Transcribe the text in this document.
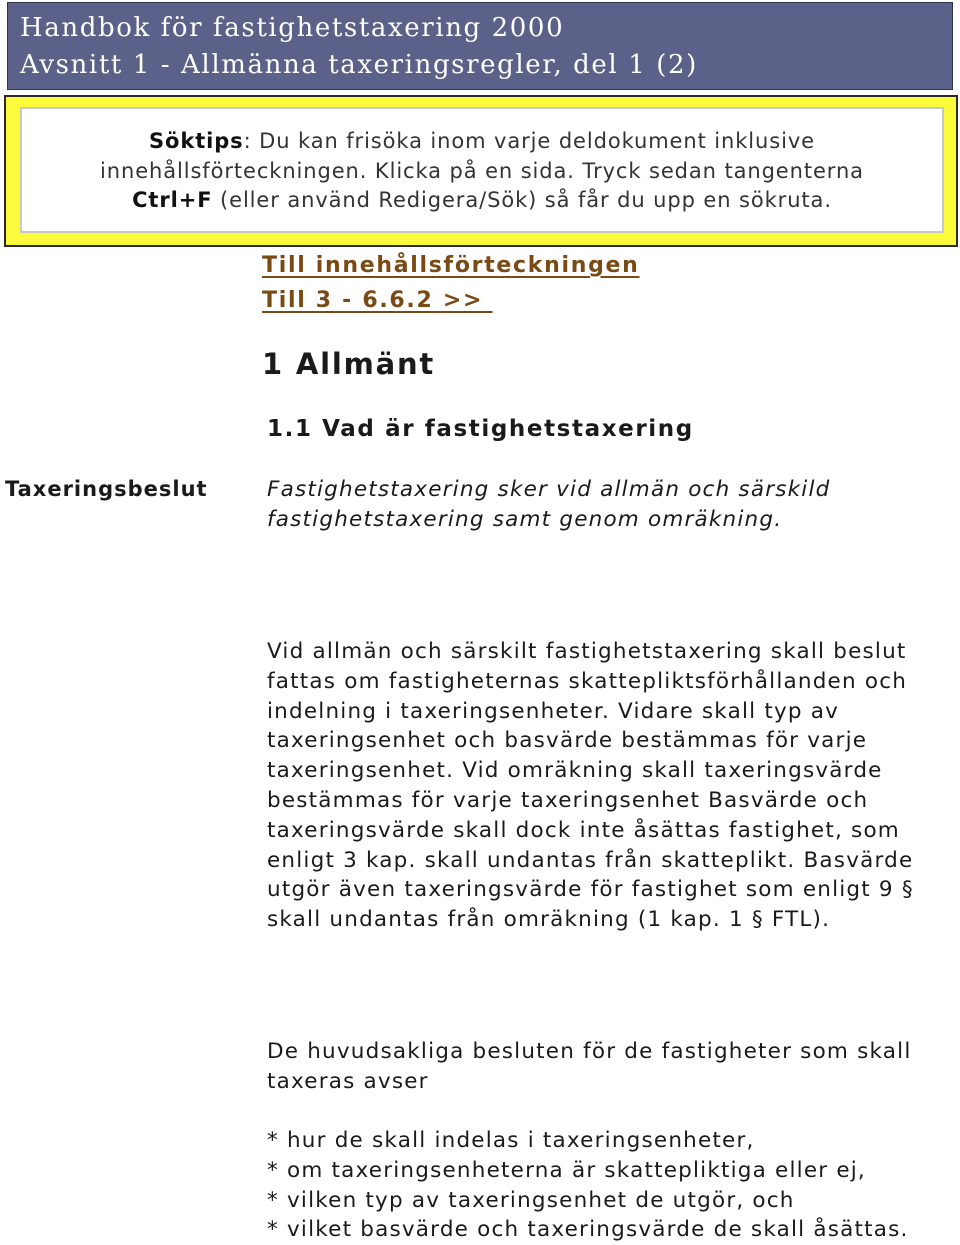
Handbok för fastighetstaxering 2000
Avsnitt 1 - Allmänna taxeringsregler, del 1 (2)
Söktips: Du kan frisöka inom varje deldokument inklusive
innehållsförteckningen. Klicka på en sida. Tryck sedan tangenterna
Ctrl+F (eller använd Redigera/Sök) så får du upp en sökruta.
Till innehållsförteckningen
Till 3 - 6.6.2 >>
1 Allmänt
1.1 Vad är fastighetstaxering
Taxeringsbeslut	Fastighetstaxering sker vid allmän och särskild fastighetstaxering samt genom omräkning.

Vid allmän och särskilt fastighetstaxering skall beslut fattas om fastigheternas skattepliktsförhållanden och indelning i taxeringsenheter. Vidare skall typ av taxeringsenhet och basvärde bestämmas för varje taxeringsenhet. Vid omräkning skall taxeringsvärde bestämmas för varje taxeringsenhet Basvärde och taxeringsvärde skall dock inte åsättas fastighet, som enligt 3 kap. skall undantas från skatteplikt. Basvärde utgör även taxeringsvärde för fastighet som enligt 9 § skall undantas från omräkning (1 kap. 1 § FTL).

De huvudsakliga besluten för de fastigheter som skall taxeras avser

* hur de skall indelas i taxeringsenheter,
* om taxeringsenheterna är skattepliktiga eller ej,
* vilken typ av taxeringsenhet de utgör, och
* vilket basvärde och taxeringsvärde de skall åsättas.
